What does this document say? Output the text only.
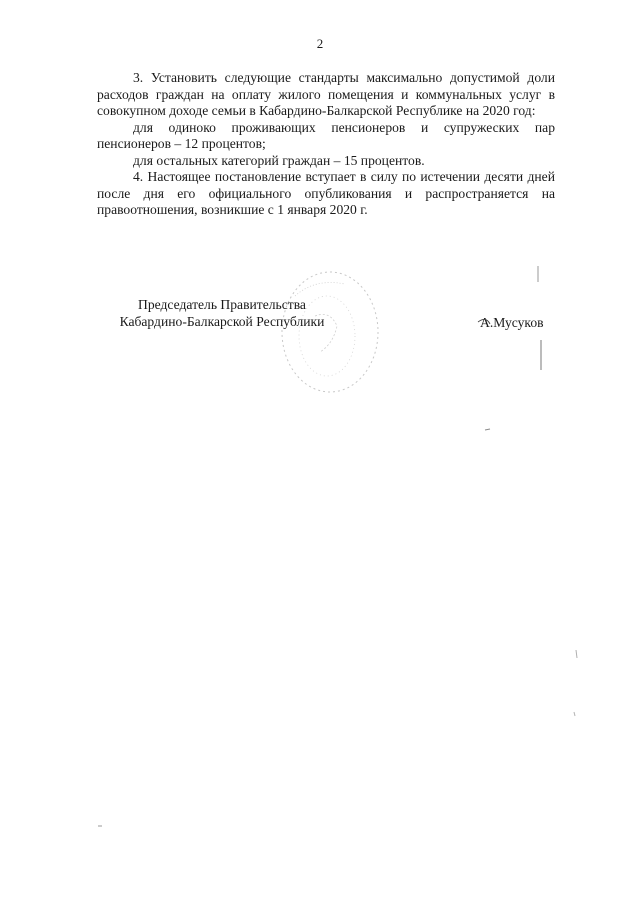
2

3. Установить следующие стандарты максимально допустимой доли расходов граждан на оплату жилого помещения и коммунальных услуг в совокупном доходе семьи в Кабардино-Балкарской Республике на 2020 год:

для одиноко проживающих пенсионеров и супружеских пар пенсионеров – 12 процентов;

для остальных категорий граждан – 15 процентов.

4. Настоящее постановление вступает в силу по истечении десяти дней после дня его официального опубликования и распространяется на правоотношения, возникшие с 1 января 2020 г.

Председатель Правительства
Кабардино-Балкарской Республики	А.Мусуков
